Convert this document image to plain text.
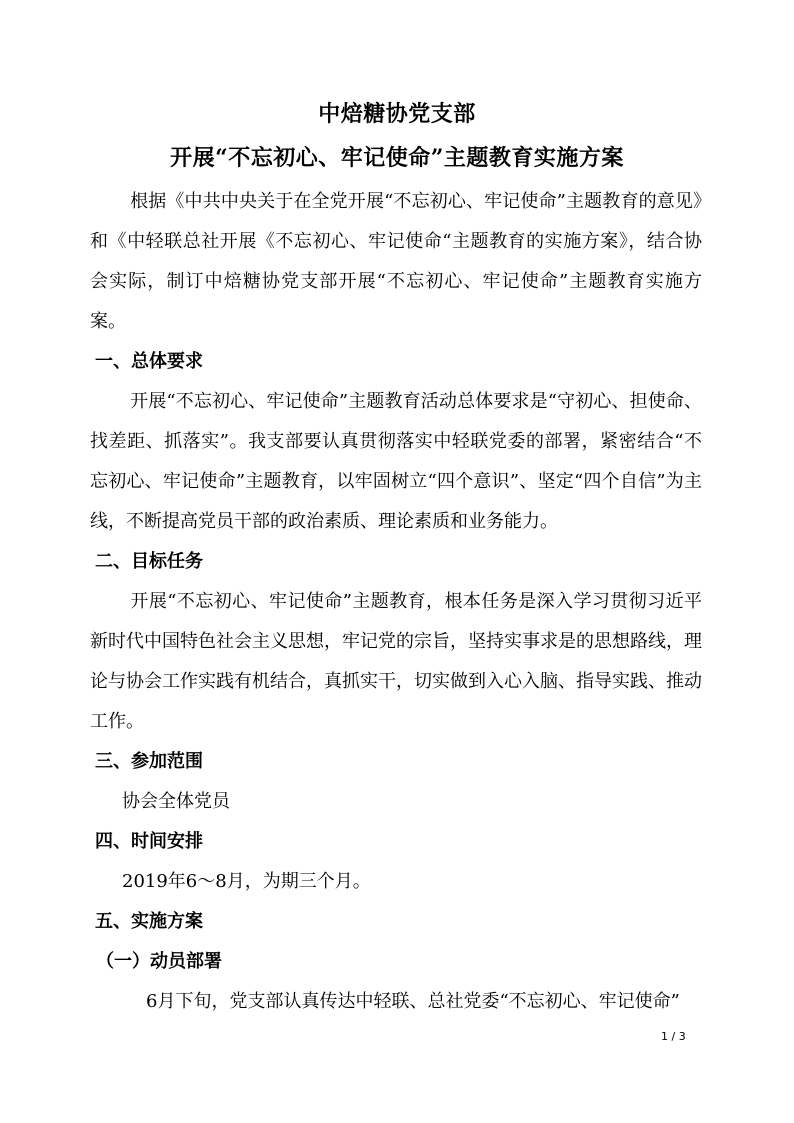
中焙糖协党支部
开展“不忘初心、牢记使命”主题教育实施方案

根据《中共中央关于在全党开展“不忘初心、牢记使命”主题教育的意见》和《中轻联总社开展《不忘初心、牢记使命“主题教育的实施方案》，结合协会实际，制订中焙糖协党支部开展“不忘初心、牢记使命”主题教育实施方案。

一、总体要求

开展“不忘初心、牢记使命”主题教育活动总体要求是“守初心、担使命、找差距、抓落实”。我支部要认真贯彻落实中轻联党委的部署，紧密结合“不忘初心、牢记使命”主题教育，以牢固树立“四个意识”、坚定“四个自信”为主线，不断提高党员干部的政治素质、理论素质和业务能力。

二、目标任务

开展“不忘初心、牢记使命”主题教育，根本任务是深入学习贯彻习近平新时代中国特色社会主义思想，牢记党的宗旨，坚持实事求是的思想路线，理论与协会工作实践有机结合，真抓实干，切实做到入心入脑、指导实践、推动工作。

三、参加范围
协会全体党员
四、时间安排
2019年6～8月，为期三个月。
五、实施方案
（一）动员部署
6月下旬，党支部认真传达中轻联、总社党委“不忘初心、牢记使命”
1 / 3
